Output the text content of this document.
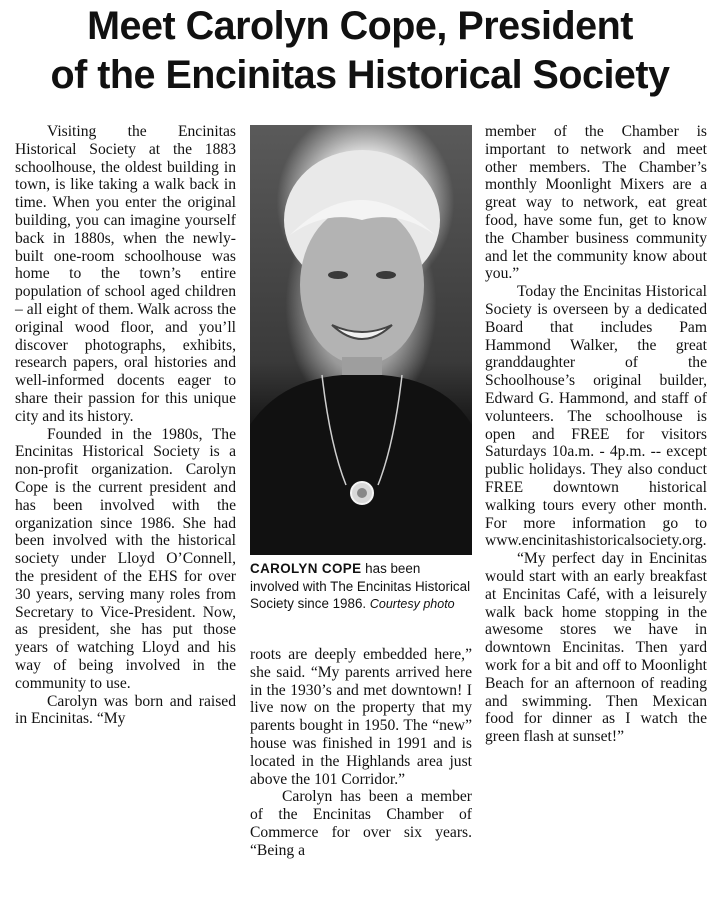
Meet Carolyn Cope, President
of the Encinitas Historical Society

Visiting the Encinitas Historical Society at the 1883 schoolhouse, the oldest building in town, is like taking a walk back in time. When you enter the original building, you can imagine yourself back in 1880s, when the newly-built one-room schoolhouse was home to the town’s entire population of school aged children – all eight of them. Walk across the original wood floor, and you’ll discover photographs, exhibits, research papers, oral histories and well-informed docents eager to share their passion for this unique city and its history.

Founded in the 1980s, The Encinitas Historical Society is a non-profit organization. Carolyn Cope is the current president and has been involved with the organization since 1986. She had been involved with the historical society under Lloyd O’Connell, the president of the EHS for over 30 years, serving many roles from Secretary to Vice-President. Now, as president, she has put those years of watching Lloyd and his way of being involved in the community to use.

Carolyn was born and raised in Encinitas. “My

CAROLYN COPE has been involved with The Encinitas Historical Society since 1986. Courtesy photo

roots are deeply embedded here,” she said. “My parents arrived here in the 1930’s and met downtown! I live now on the property that my parents bought in 1950. The “new” house was finished in 1991 and is located in the Highlands area just above the 101 Corridor.”

Carolyn has been a member of the Encinitas Chamber of Commerce for over six years. “Being a

member of the Chamber is important to network and meet other members. The Chamber’s monthly Moonlight Mixers are a great way to network, eat great food, have some fun, get to know the Chamber business community and let the community know about you.”

Today the Encinitas Historical Society is overseen by a dedicated Board that includes Pam Hammond Walker, the great granddaughter of the Schoolhouse’s original builder, Edward G. Hammond, and staff of volunteers. The schoolhouse is open and FREE for visitors Saturdays 10a.m. - 4p.m. -- except public holidays. They also conduct FREE downtown historical walking tours every other month. For more information go to www.encinitashistoricalsociety.org.

“My perfect day in Encinitas would start with an early breakfast at Encinitas Café, with a leisurely walk back home stopping in the awesome stores we have in downtown Encinitas. Then yard work for a bit and off to Moonlight Beach for an afternoon of reading and swimming. Then Mexican food for dinner as I watch the green flash at sunset!”
